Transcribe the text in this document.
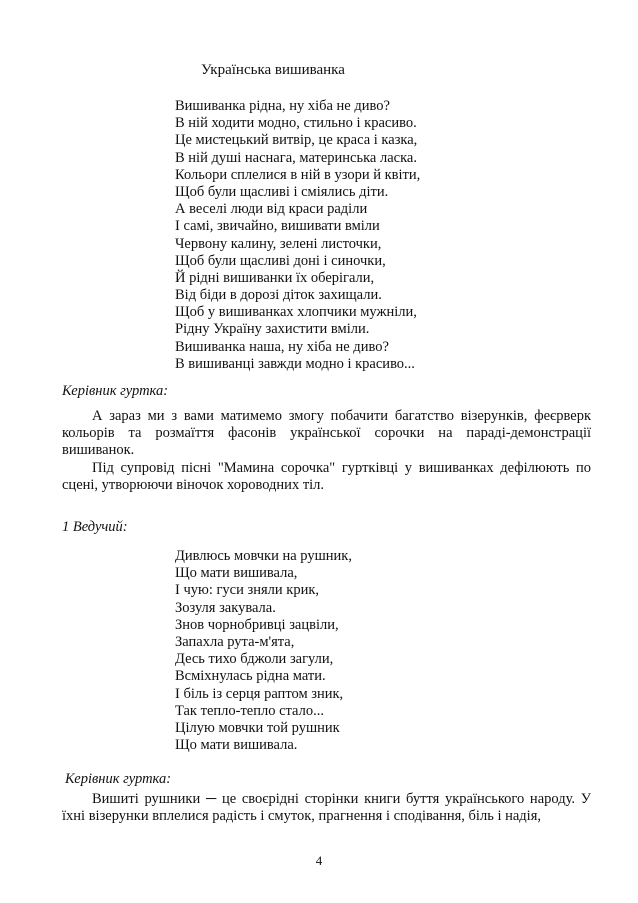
Українська вишиванка
Вишиванка рідна, ну хіба не диво?
В ній ходити модно, стильно і красиво.
Це мистецький витвір, це краса і казка,
В ній душі наснага, материнська ласка.
Кольори сплелися в ній в узори й квіти,
Щоб були щасливі і сміялись діти.
А веселі люди від краси раділи
І самі, звичайно, вишивати вміли
Червону калину, зелені листочки,
Щоб були щасливі доні і синочки,
Й рідні вишиванки їх оберігали,
Від біди в дорозі діток захищали.
Щоб у вишиванках хлопчики мужніли,
Рідну Україну захистити вміли.
Вишиванка наша, ну хіба не диво?
В вишиванці завжди модно і красиво...
Керівник гуртка:
А зараз ми з вами матимемо змогу побачити багатство візерунків, феєрверк кольорів та розмаїття фасонів української сорочки на параді-демонстрації вишиванок.
Під супровід пісні "Мамина сорочка" гуртківці у вишиванках дефілюють по сцені, утворюючи віночок хороводних тіл.
1 Ведучий:
Дивлюсь мовчки на рушник,
Що мати вишивала,
І чую: гуси зняли крик,
Зозуля закувала.
Знов чорнобривці зацвіли,
Запахла рута-м'ята,
Десь тихо бджоли загули,
Всміхнулась рідна мати.
І біль із серця раптом зник,
Так тепло-тепло стало...
Цілую мовчки той рушник
Що мати вишивала.
Керівник гуртка:
Вишиті рушники ─ це своєрідні сторінки книги буття українського народу. У їхні візерунки вплелися радість і смуток, прагнення і сподівання, біль і надія,
4
